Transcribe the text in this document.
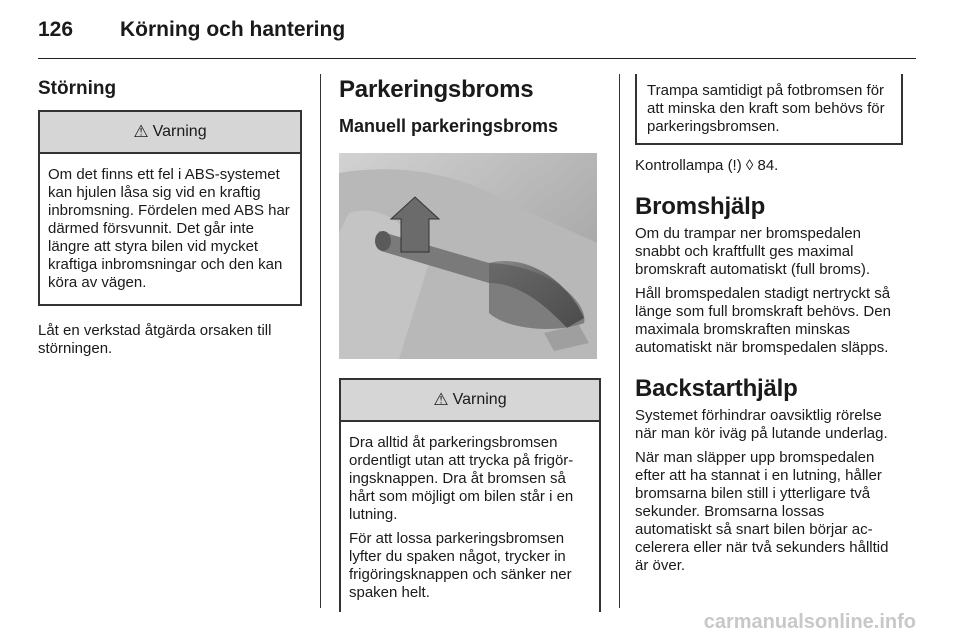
126	Körning och hantering
Störning
⚠ Varning

Om det finns ett fel i ABS-systemet kan hjulen låsa sig vid en kraftig inbromsning. Fördelen med ABS har därmed försvunnit. Det går inte längre att styra bilen vid mycket kraftiga inbromsningar och den kan köra av vägen.

Låt en verkstad åtgärda orsaken till störningen.

Parkeringsbroms
Manuell parkeringsbroms
⚠ Varning

Dra alltid åt parkeringsbromsen ordentligt utan att trycka på frigöringsknappen. Dra åt bromsen så hårt som möjligt om bilen står i en lutning.

För att lossa parkeringsbromsen lyfter du spaken något, trycker in frigöringsknappen och sänker ner spaken helt.

Trampa samtidigt på fotbromsen för att minska den kraft som behövs för parkeringsbromsen.

Kontrollampa (!) ◊ 84.

Bromshjälp

Om du trampar ner bromspedalen snabbt och kraftfullt ges maximal bromskraft automatiskt (full broms).

Håll bromspedalen stadigt nertryckt så länge som full bromskraft behövs. Den maximala bromskraften minskas automatiskt när bromspedalen släpps.

Backstarthjälp

Systemet förhindrar oavsiktlig rörelse när man kör iväg på lutande underlag.

När man släpper upp bromspedalen efter att ha stannat i en lutning, håller bromsarna bilen still i ytterligare två sekunder. Bromsarna lossas automatiskt så snart bilen börjar accelerera eller när två sekunders hålltid är över.

carmanualsonline.info
